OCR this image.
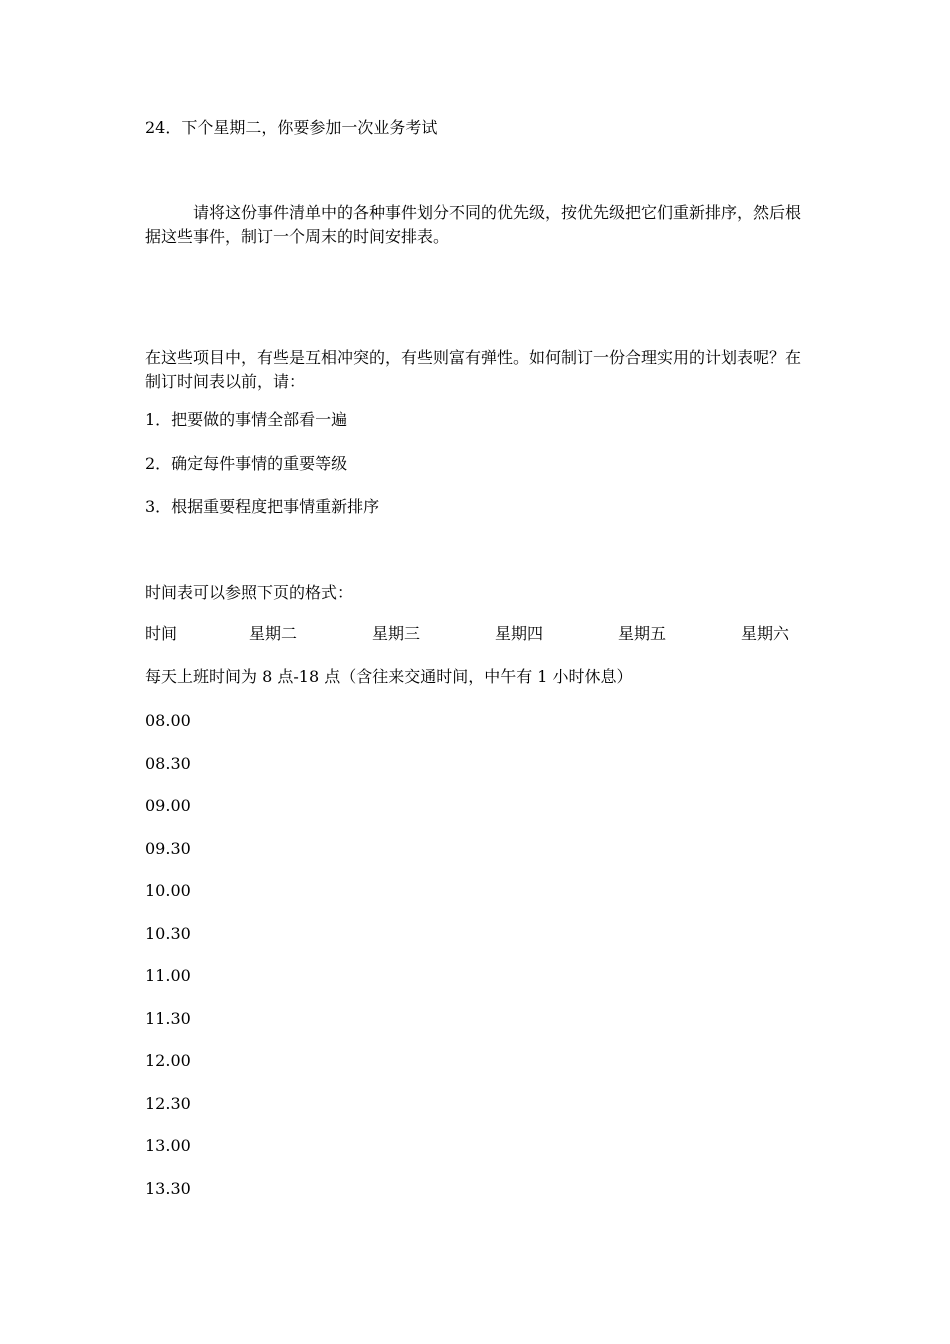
24．下个星期二，你要参加一次业务考试
请将这份事件清单中的各种事件划分不同的优先级，按优先级把它们重新排序，然后根据这些事件，制订一个周末的时间安排表。
在这些项目中，有些是互相冲突的，有些则富有弹性。如何制订一份合理实用的计划表呢？在制订时间表以前，请：
1．把要做的事情全部看一遍
2．确定每件事情的重要等级
3．根据重要程度把事情重新排序
时间表可以参照下页的格式：
时间	星期二	星期三	星期四	星期五	星期六
每天上班时间为 8 点-18 点（含往来交通时间，中午有 1 小时休息）
08.00
08.30
09.00
09.30
10.00
10.30
11.00
11.30
12.00
12.30
13.00
13.30
